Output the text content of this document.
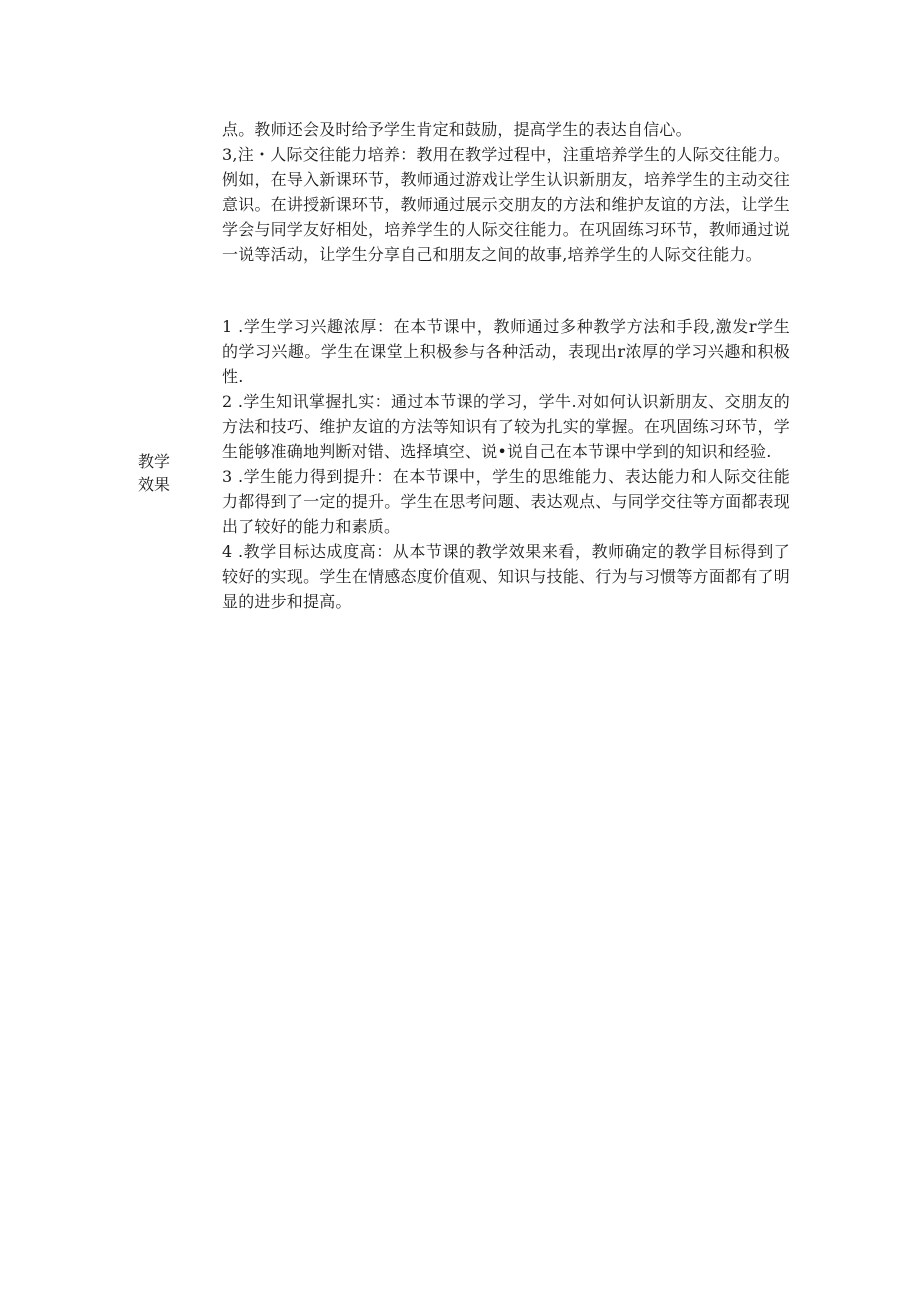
点。教师还会及时给予学生肯定和鼓励，提高学生的表达自信心。

3,注・人际交往能力培养：教用在教学过程中，注重培养学生的人际交往能力。例如，在导入新课环节，教师通过游戏让学生认识新朋友，培养学生的主动交往意识。在讲授新课环节，教师通过展示交朋友的方法和维护友谊的方法，让学生学会与同学友好相处，培养学生的人际交往能力。在巩固练习环节，教师通过说一说等活动，让学生分享自己和朋友之间的故事,培养学生的人际交往能力。

教学
效果

1 .学生学习兴趣浓厚：在本节课中，教师通过多种教学方法和手段,激发r学生的学习兴趣。学生在课堂上积极参与各种活动，表现出r浓厚的学习兴趣和积极性.

2 .学生知讯掌握扎实：通过本节课的学习，学牛.对如何认识新朋友、交朋友的方法和技巧、维护友谊的方法等知识有了较为扎实的掌握。在巩固练习环节，学生能够准确地判断对错、选择填空、说•说自己在本节课中学到的知识和经验.

3 .学生能力得到提升：在本节课中，学生的思维能力、表达能力和人际交往能力都得到了一定的提升。学生在思考问题、表达观点、与同学交往等方面都表现出了较好的能力和素质。

4 .教学目标达成度高：从本节课的教学效果来看，教师确定的教学目标得到了较好的实现。学生在情感态度价值观、知识与技能、行为与习惯等方面都有了明显的进步和提高。
